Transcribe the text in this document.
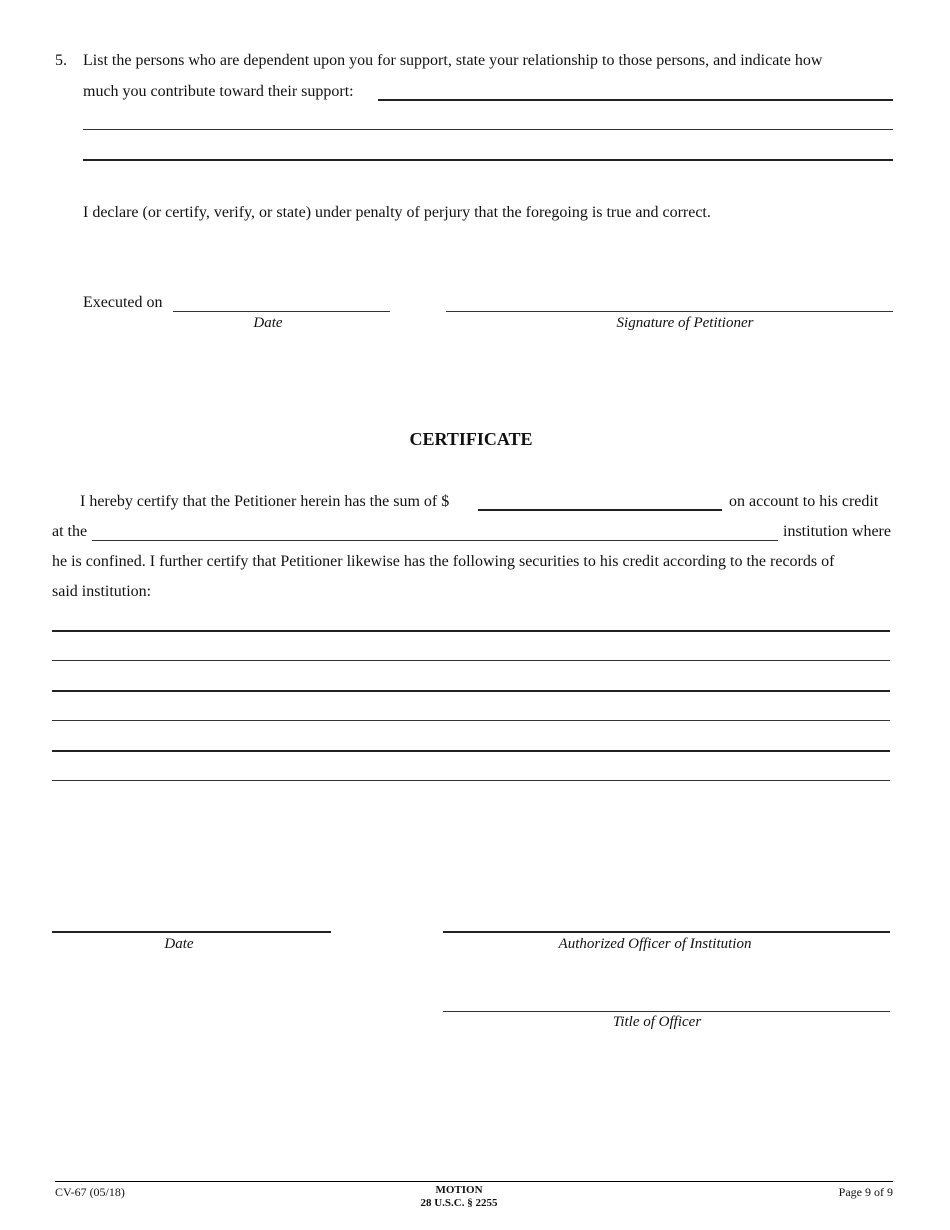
5. List the persons who are dependent upon you for support, state your relationship to those persons, and indicate how
much you contribute toward their support:
I declare (or certify, verify, or state) under penalty of perjury that the foregoing is true and correct.
Executed on
Date	Signature of Petitioner
CERTIFICATE
I hereby certify that the Petitioner herein has the sum of $	on account to his credit
at the	institution where
he is confined. I further certify that Petitioner likewise has the following securities to his credit according to the records of
said institution:
Date	Authorized Officer of Institution
Title of Officer
CV-67 (05/18)	MOTION
28 U.S.C. § 2255
Page 9 of 9
